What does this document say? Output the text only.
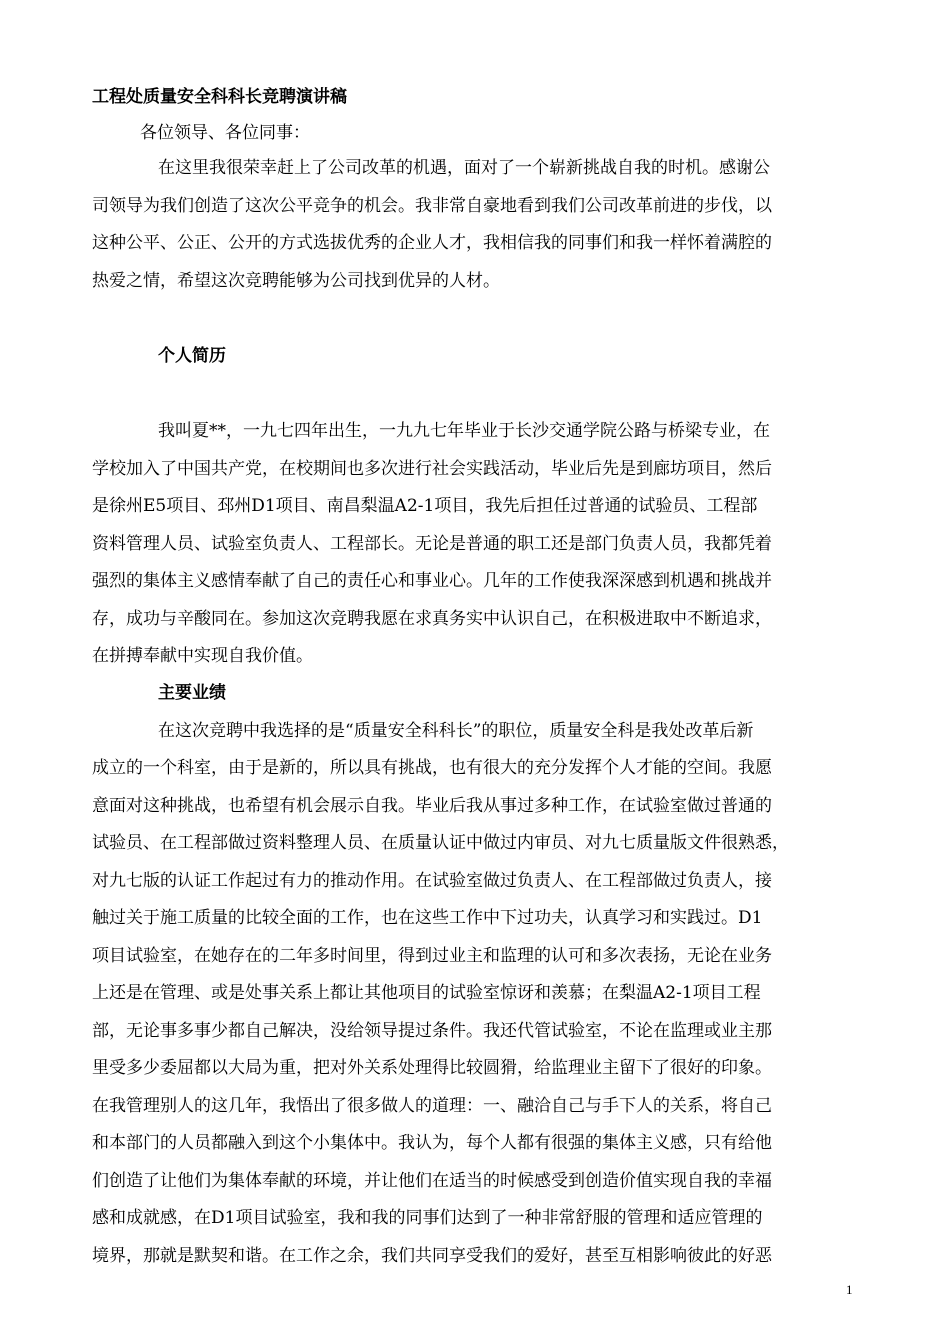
工程处质量安全科科长竞聘演讲稿
各位领导、各位同事：
在这里我很荣幸赶上了公司改革的机遇，面对了一个崭新挑战自我的时机。感谢公
司领导为我们创造了这次公平竞争的机会。我非常自豪地看到我们公司改革前进的步伐，以
这种公平、公正、公开的方式选拔优秀的企业人才，我相信我的同事们和我一样怀着满腔的
热爱之情，希望这次竞聘能够为公司找到优异的人材。
个人简历
我叫夏**，一九七四年出生，一九九七年毕业于长沙交通学院公路与桥梁专业，在
学校加入了中国共产党，在校期间也多次进行社会实践活动，毕业后先是到廊坊项目，然后
是徐州E5项目、邳州D1项目、南昌梨温A2-1项目，我先后担任过普通的试验员、工程部
资料管理人员、试验室负责人、工程部长。无论是普通的职工还是部门负责人员，我都凭着
强烈的集体主义感情奉献了自己的责任心和事业心。几年的工作使我深深感到机遇和挑战并
存，成功与辛酸同在。参加这次竞聘我愿在求真务实中认识自己，在积极进取中不断追求，
在拼搏奉献中实现自我价值。
主要业绩
在这次竞聘中我选择的是“质量安全科科长”的职位，质量安全科是我处改革后新
成立的一个科室，由于是新的，所以具有挑战，也有很大的充分发挥个人才能的空间。我愿
意面对这种挑战，也希望有机会展示自我。毕业后我从事过多种工作，在试验室做过普通的
试验员、在工程部做过资料整理人员、在质量认证中做过内审员、对九七质量版文件很熟悉，
对九七版的认证工作起过有力的推动作用。在试验室做过负责人、在工程部做过负责人，接
触过关于施工质量的比较全面的工作，也在这些工作中下过功夫，认真学习和实践过。D1
项目试验室，在她存在的二年多时间里，得到过业主和监理的认可和多次表扬，无论在业务
上还是在管理、或是处事关系上都让其他项目的试验室惊讶和羡慕；在梨温A2-1项目工程
部，无论事多事少都自己解决，没给领导提过条件。我还代管试验室，不论在监理或业主那
里受多少委屈都以大局为重，把对外关系处理得比较圆猾，给监理业主留下了很好的印象。
在我管理别人的这几年，我悟出了很多做人的道理：一、融洽自己与手下人的关系，将自己
和本部门的人员都融入到这个小集体中。我认为，每个人都有很强的集体主义感，只有给他
们创造了让他们为集体奉献的环境，并让他们在适当的时候感受到创造价值实现自我的幸福
感和成就感，在D1项目试验室，我和我的同事们达到了一种非常舒服的管理和适应管理的
境界，那就是默契和谐。在工作之余，我们共同享受我们的爱好，甚至互相影响彼此的好恶
1
